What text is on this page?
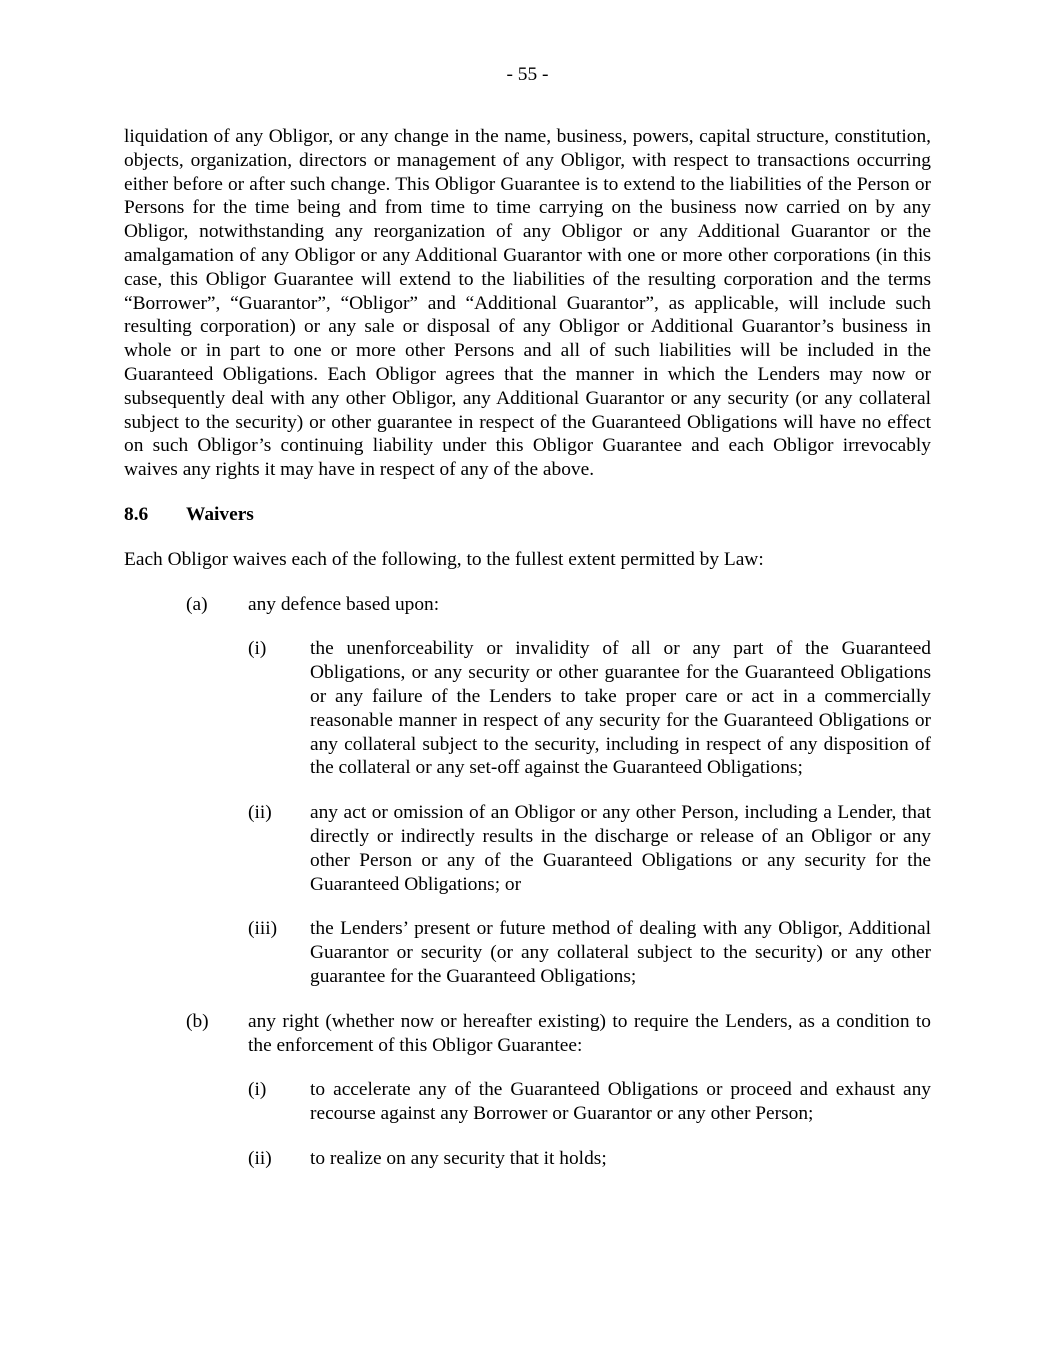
- 55 -

liquidation of any Obligor, or any change in the name, business, powers, capital structure, constitution, objects, organization, directors or management of any Obligor, with respect to transactions occurring either before or after such change. This Obligor Guarantee is to extend to the liabilities of the Person or Persons for the time being and from time to time carrying on the business now carried on by any Obligor, notwithstanding any reorganization of any Obligor or any Additional Guarantor or the amalgamation of any Obligor or any Additional Guarantor with one or more other corporations (in this case, this Obligor Guarantee will extend to the liabilities of the resulting corporation and the terms “Borrower”, “Guarantor”, “Obligor” and “Additional Guarantor”, as applicable, will include such resulting corporation) or any sale or disposal of any Obligor or Additional Guarantor’s business in whole or in part to one or more other Persons and all of such liabilities will be included in the Guaranteed Obligations. Each Obligor agrees that the manner in which the Lenders may now or subsequently deal with any other Obligor, any Additional Guarantor or any security (or any collateral subject to the security) or other guarantee in respect of the Guaranteed Obligations will have no effect on such Obligor’s continuing liability under this Obligor Guarantee and each Obligor irrevocably waives any rights it may have in respect of any of the above.

8.6	Waivers

Each Obligor waives each of the following, to the fullest extent permitted by Law:

(a)	any defence based upon:
(i)	the unenforceability or invalidity of all or any part of the Guaranteed Obligations, or any security or other guarantee for the Guaranteed Obligations or any failure of the Lenders to take proper care or act in a commercially reasonable manner in respect of any security for the Guaranteed Obligations or any collateral subject to the security, including in respect of any disposition of the collateral or any set-off against the Guaranteed Obligations;
(ii)	any act or omission of an Obligor or any other Person, including a Lender, that directly or indirectly results in the discharge or release of an Obligor or any other Person or any of the Guaranteed Obligations or any security for the Guaranteed Obligations; or
(iii)	the Lenders’ present or future method of dealing with any Obligor, Additional Guarantor or security (or any collateral subject to the security) or any other guarantee for the Guaranteed Obligations;
(b)	any right (whether now or hereafter existing) to require the Lenders, as a condition to the enforcement of this Obligor Guarantee:
(i)	to accelerate any of the Guaranteed Obligations or proceed and exhaust any recourse against any Borrower or Guarantor or any other Person;
(ii)	to realize on any security that it holds;
